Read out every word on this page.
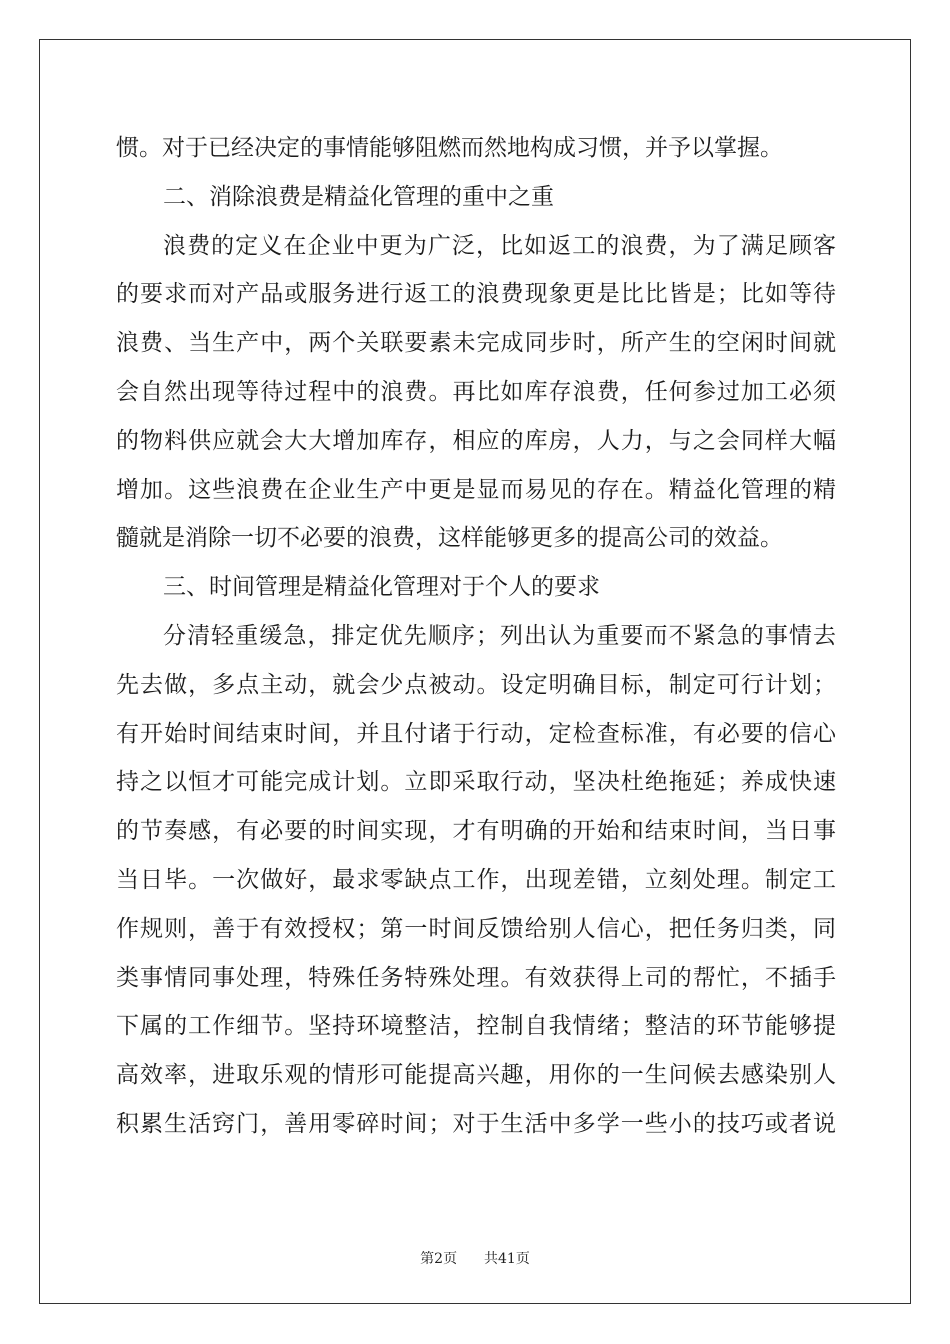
惯。对于已经决定的事情能够阻燃而然地构成习惯，并予以掌握。
二、消除浪费是精益化管理的重中之重
浪费的定义在企业中更为广泛，比如返工的浪费，为了满足顾客
的要求而对产品或服务进行返工的浪费现象更是比比皆是；比如等待
浪费、当生产中，两个关联要素未完成同步时，所产生的空闲时间就
会自然出现等待过程中的浪费。再比如库存浪费，任何参过加工必须
的物料供应就会大大增加库存，相应的库房，人力，与之会同样大幅
增加。这些浪费在企业生产中更是显而易见的存在。精益化管理的精
髓就是消除一切不必要的浪费，这样能够更多的提高公司的效益。
三、时间管理是精益化管理对于个人的要求
分清轻重缓急，排定优先顺序；列出认为重要而不紧急的事情去
先去做，多点主动，就会少点被动。设定明确目标，制定可行计划；
有开始时间结束时间，并且付诸于行动，定检查标准，有必要的信心
持之以恒才可能完成计划。立即采取行动，坚决杜绝拖延；养成快速
的节奏感，有必要的时间实现，才有明确的开始和结束时间，当日事
当日毕。一次做好，最求零缺点工作，出现差错，立刻处理。制定工
作规则，善于有效授权；第一时间反馈给别人信心，把任务归类，同
类事情同事处理，特殊任务特殊处理。有效获得上司的帮忙，不插手
下属的工作细节。坚持环境整洁，控制自我情绪；整洁的环节能够提
高效率，进取乐观的情形可能提高兴趣，用你的一生问候去感染别人
积累生活窍门，善用零碎时间；对于生活中多学一些小的技巧或者说
第2页 共41页
